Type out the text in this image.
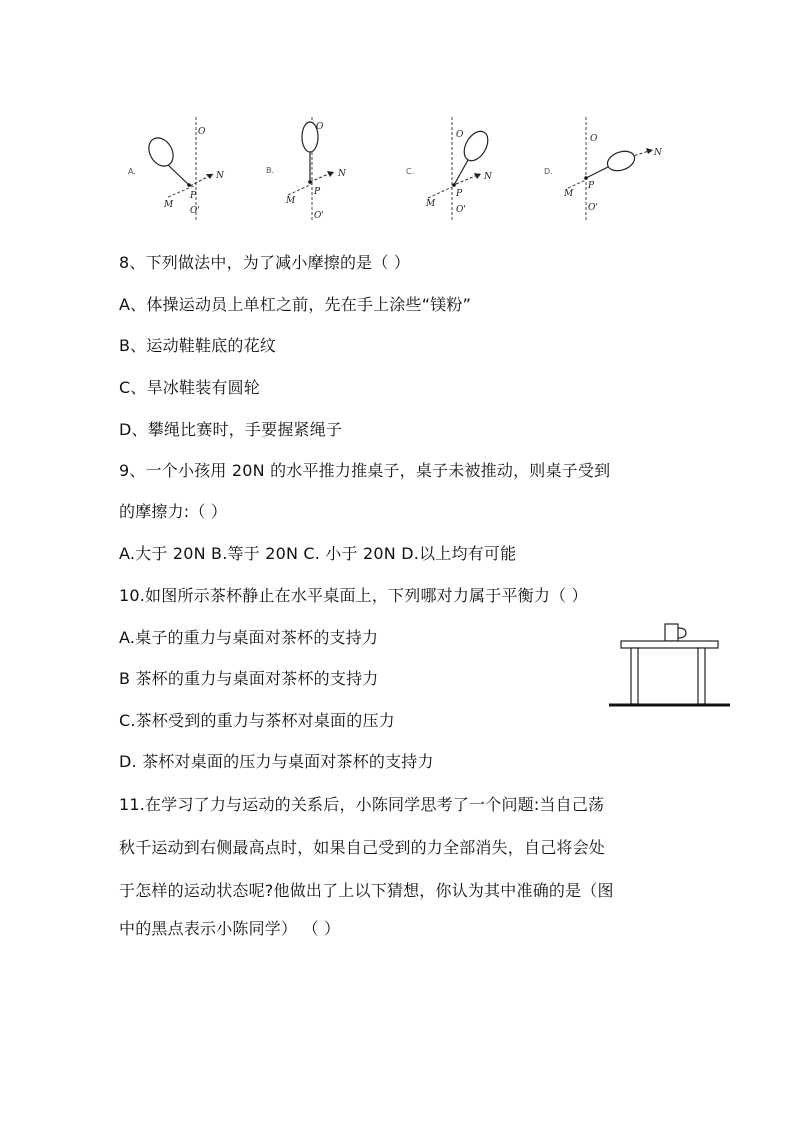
O
P
N
M
O'
A.
O
P
N
M
O'
B.
O
P
N
M
O'
C.
O
P
N
M
O'
D.
8、下列做法中，为了减小摩擦的是（ ）
A、体操运动员上单杠之前，先在手上涂些“镁粉”
B、运动鞋鞋底的花纹
C、旱冰鞋装有圆轮
D、攀绳比赛时，手要握紧绳子
9、一个小孩用 20N 的水平推力推桌子，桌子未被推动，则桌子受到
的摩擦力:（ ）
A.大于 20N B.等于 20N C. 小于 20N D.以上均有可能
10.如图所示茶杯静止在水平桌面上，下列哪对力属于平衡力（ ）
A.桌子的重力与桌面对茶杯的支持力
B 茶杯的重力与桌面对茶杯的支持力
C.茶杯受到的重力与茶杯对桌面的压力
D. 茶杯对桌面的压力与桌面对茶杯的支持力
11.在学习了力与运动的关系后，小陈同学思考了一个问题:当自己荡
秋千运动到右侧最高点时，如果自己受到的力全部消失，自己将会处
于怎样的运动状态呢?他做出了上以下猜想，你认为其中准确的是（图
中的黑点表示小陈同学） （ ）
